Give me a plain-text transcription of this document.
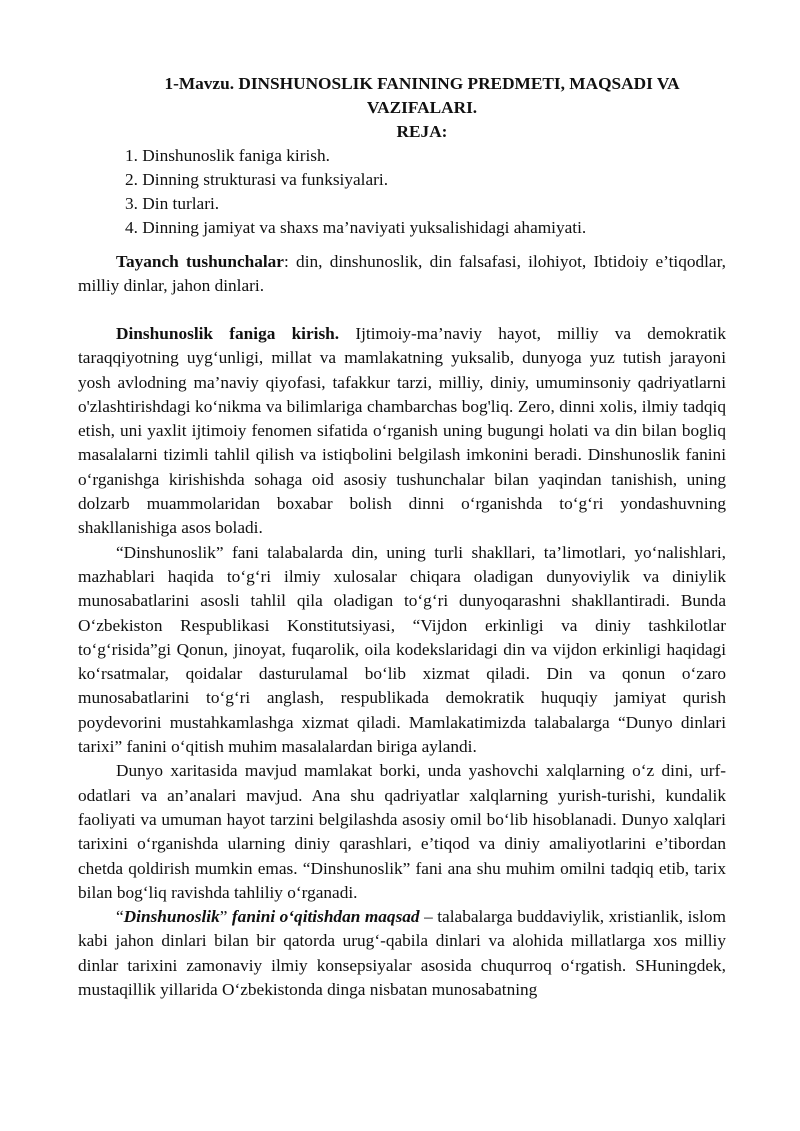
1-Mavzu. DINSHUNOSLIK FANINING PREDMETI, MAQSADI VA
VAZIFALARI.

REJA:

1. Dinshunoslik faniga kirish.
2. Dinning strukturasi va funksiyalari.
3. Din turlari.
4. Dinning jamiyat va shaxs ma’naviyati yuksalishidagi ahamiyati.

Tayanch tushunchalar: din, dinshunoslik, din falsafasi, ilohiyot, Ibtidoiy e’tiqodlar, milliy dinlar, jahon dinlari.

Dinshunoslik faniga kirish. Ijtimoiy-ma’naviy hayot, milliy va demokratik taraqqiyotning uyg‘unligi, millat va mamlakatning yuksalib, dunyoga yuz tutish jarayoni yosh avlodning ma’naviy qiyofasi, tafakkur tarzi, milliy, diniy, umuminsoniy qadriyatlarni o'zlashtirishdagi ko‘nikma va bilimlariga chambarchas bog'liq. Zero, dinni xolis, ilmiy tadqiq etish, uni yaxlit ijtimoiy fenomen sifatida o‘rganish uning bugungi holati va din bilan bogliq masalalarni tizimli tahlil qilish va istiqbolini belgilash imkonini beradi. Dinshunoslik fanini o‘rganishga kirishishda sohaga oid asosiy tushunchalar bilan yaqindan tanishish, uning dolzarb muammolaridan boxabar bolish dinni o‘rganishda to‘g‘ri yondashuvning shakllanishiga asos boladi.

“Dinshunoslik” fani talabalarda din, uning turli shakllari, ta’limotlari, yo‘nalishlari, mazhablari haqida to‘g‘ri ilmiy xulosalar chiqara oladigan dunyoviylik va diniylik munosabatlarini asosli tahlil qila oladigan to‘g‘ri dunyoqarashni shakllantiradi. Bunda O‘zbekiston Respublikasi Konstitutsiyasi, “Vijdon erkinligi va diniy tashkilotlar to‘g‘risida”gi Qonun, jinoyat, fuqarolik, oila kodekslaridagi din va vijdon erkinligi haqidagi ko‘rsatmalar, qoidalar dasturulamal bo‘lib xizmat qiladi. Din va qonun o‘zaro munosabatlarini to‘g‘ri anglash, respublikada demokratik huquqiy jamiyat qurish poydevorini mustahkamlashga xizmat qiladi. Mamlakatimizda talabalarga “Dunyo dinlari tarixi” fanini o‘qitish muhim masalalardan biriga aylandi.

Dunyo xaritasida mavjud mamlakat borki, unda yashovchi xalqlarning o‘z dini, urf-odatlari va an’analari mavjud. Ana shu qadriyatlar xalqlarning yurish-turishi, kundalik faoliyati va umuman hayot tarzini belgilashda asosiy omil bo‘lib hisoblanadi. Dunyo xalqlari tarixini o‘rganishda ularning diniy qarashlari, e’tiqod va diniy amaliyotlarini e’tibordan chetda qoldirish mumkin emas. “Dinshunoslik” fani ana shu muhim omilni tadqiq etib, tarix bilan bog‘liq ravishda tahliliy o‘rganadi.

“Dinshunoslik” fanini o‘qitishdan maqsad – talabalarga buddaviylik, xristianlik, islom kabi jahon dinlari bilan bir qatorda urug‘-qabila dinlari va alohida millatlarga xos milliy dinlar tarixini zamonaviy ilmiy konsepsiyalar asosida chuqurroq o‘rgatish. SHuningdek, mustaqillik yillarida O‘zbekistonda dinga nisbatan munosabatning
